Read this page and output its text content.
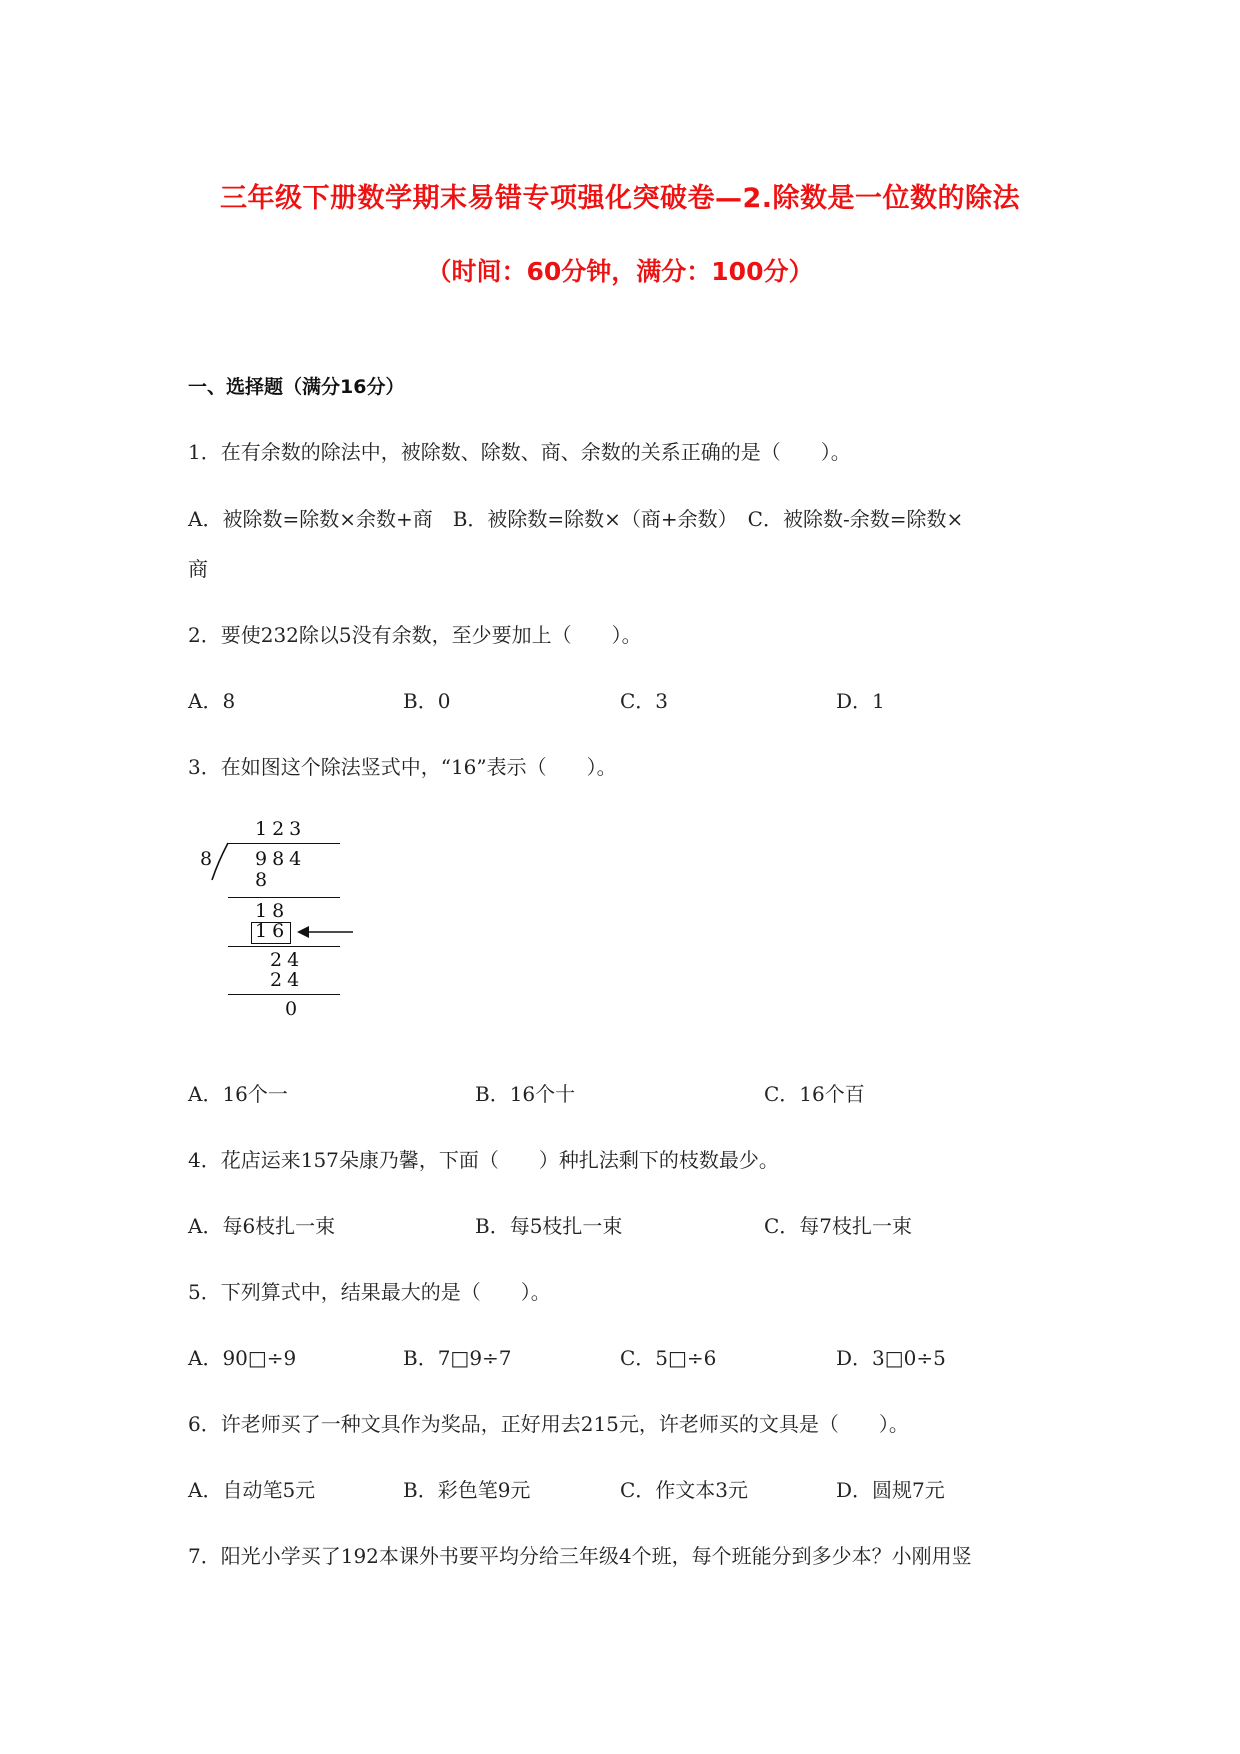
三年级下册数学期末易错专项强化突破卷—2.除数是一位数的除法

（时间：60分钟，满分：100分）

一、选择题（满分16分）

1．在有余数的除法中，被除数、除数、商、余数的关系正确的是（　　）。

A．被除数=除数×余数+商　B．被除数=除数×（商+余数）　C．被除数-余数=除数×

商

2．要使232除以5没有余数，至少要加上（　　）。

A．8	B．0	C．3	D．1

3．在如图这个除法竖式中，“16”表示（　　）。

123
8 984
8
18
16
24
24
0

A．16个一	B．16个十	C．16个百

4．花店运来157朵康乃馨，下面（　　）种扎法剩下的枝数最少。

A．每6枝扎一束	B．每5枝扎一束	C．每7枝扎一束

5．下列算式中，结果最大的是（　　）。

A．90□÷9	B．7□9÷7	C．5□÷6	D．3□0÷5

6．许老师买了一种文具作为奖品，正好用去215元，许老师买的文具是（　　）。

A．自动笔5元	B．彩色笔9元	C．作文本3元	D．圆规7元

7．阳光小学买了192本课外书要平均分给三年级4个班，每个班能分到多少本？小刚用竖
